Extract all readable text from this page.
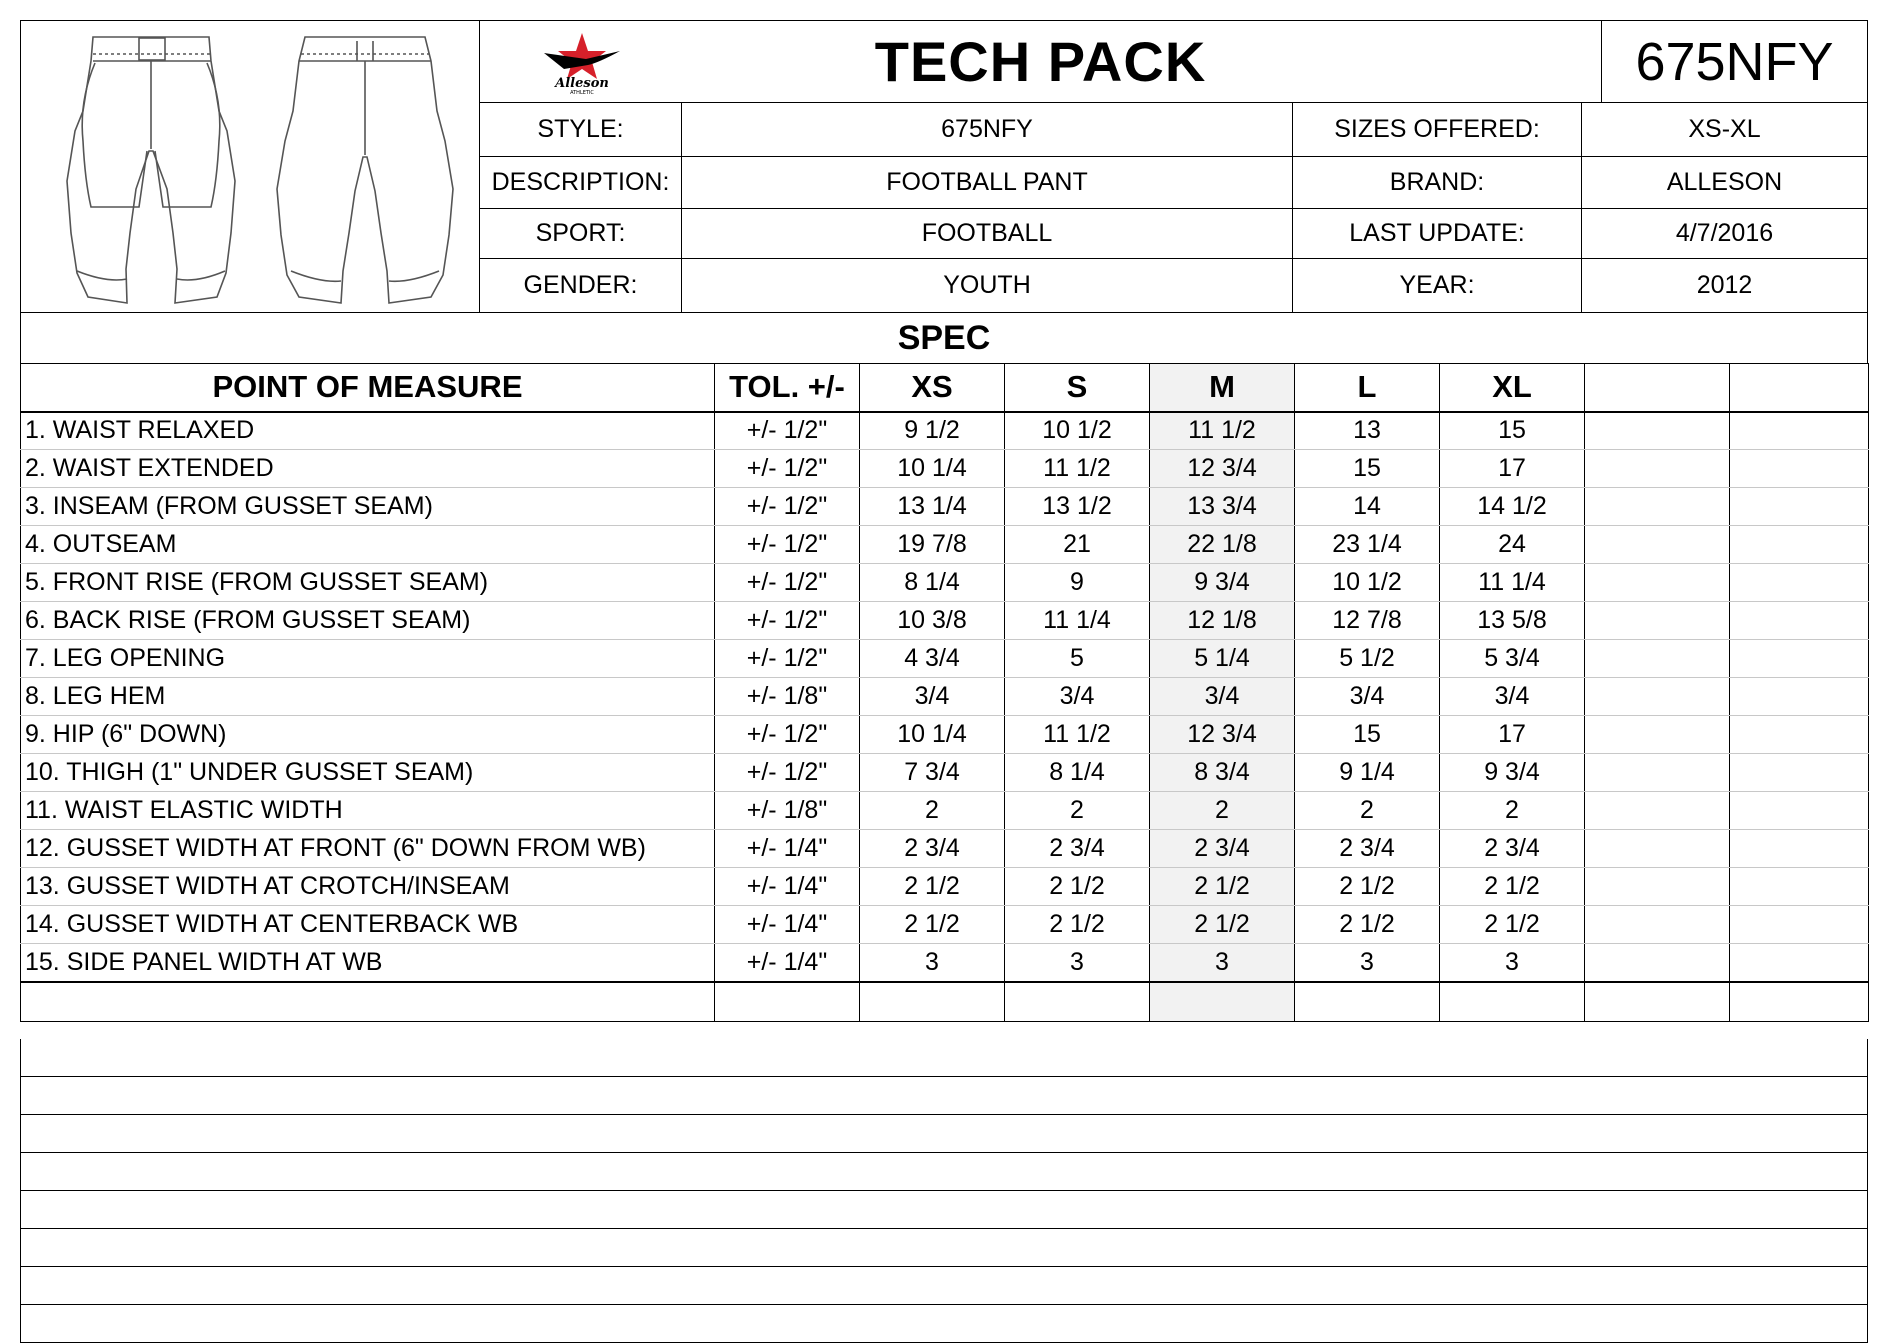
Alleson
ATHLETIC	TECH PACK	675NFY
STYLE:	675NFY	SIZES OFFERED:	XS-XL
DESCRIPTION:	FOOTBALL PANT	BRAND:	ALLESON
SPORT:	FOOTBALL	LAST UPDATE:	4/7/2016
GENDER:	YOUTH	YEAR:	2012
SPEC
POINT OF MEASURE	TOL. +/-	XS	S	M	L	XL		
1. WAIST RELAXED	+/- 1/2"	9 1/2	10 1/2	11 1/2	13	15		
2. WAIST EXTENDED	+/- 1/2"	10 1/4	11 1/2	12 3/4	15	17		
3. INSEAM (FROM GUSSET SEAM)	+/- 1/2"	13 1/4	13 1/2	13 3/4	14	14 1/2		
4. OUTSEAM	+/- 1/2"	19 7/8	21	22 1/8	23 1/4	24		
5. FRONT RISE (FROM GUSSET SEAM)	+/- 1/2"	8 1/4	9	9 3/4	10 1/2	11 1/4		
6. BACK RISE (FROM GUSSET SEAM)	+/- 1/2"	10 3/8	11 1/4	12 1/8	12 7/8	13 5/8		
7. LEG OPENING	+/- 1/2"	4 3/4	5	5 1/4	5 1/2	5 3/4		
8. LEG HEM	+/- 1/8"	3/4	3/4	3/4	3/4	3/4		
9. HIP (6" DOWN)	+/- 1/2"	10 1/4	11 1/2	12 3/4	15	17		
10. THIGH (1" UNDER GUSSET SEAM)	+/- 1/2"	7 3/4	8 1/4	8 3/4	9 1/4	9 3/4		
11. WAIST ELASTIC WIDTH	+/- 1/8"	2	2	2	2	2		
12. GUSSET WIDTH AT FRONT (6" DOWN FROM WB)	+/- 1/4"	2 3/4	2 3/4	2 3/4	2 3/4	2 3/4		
13. GUSSET WIDTH AT CROTCH/INSEAM	+/- 1/4"	2 1/2	2 1/2	2 1/2	2 1/2	2 1/2		
14. GUSSET WIDTH AT CENTERBACK WB	+/- 1/4"	2 1/2	2 1/2	2 1/2	2 1/2	2 1/2		
15. SIDE PANEL WIDTH AT WB	+/- 1/4"	3	3	3	3	3		
